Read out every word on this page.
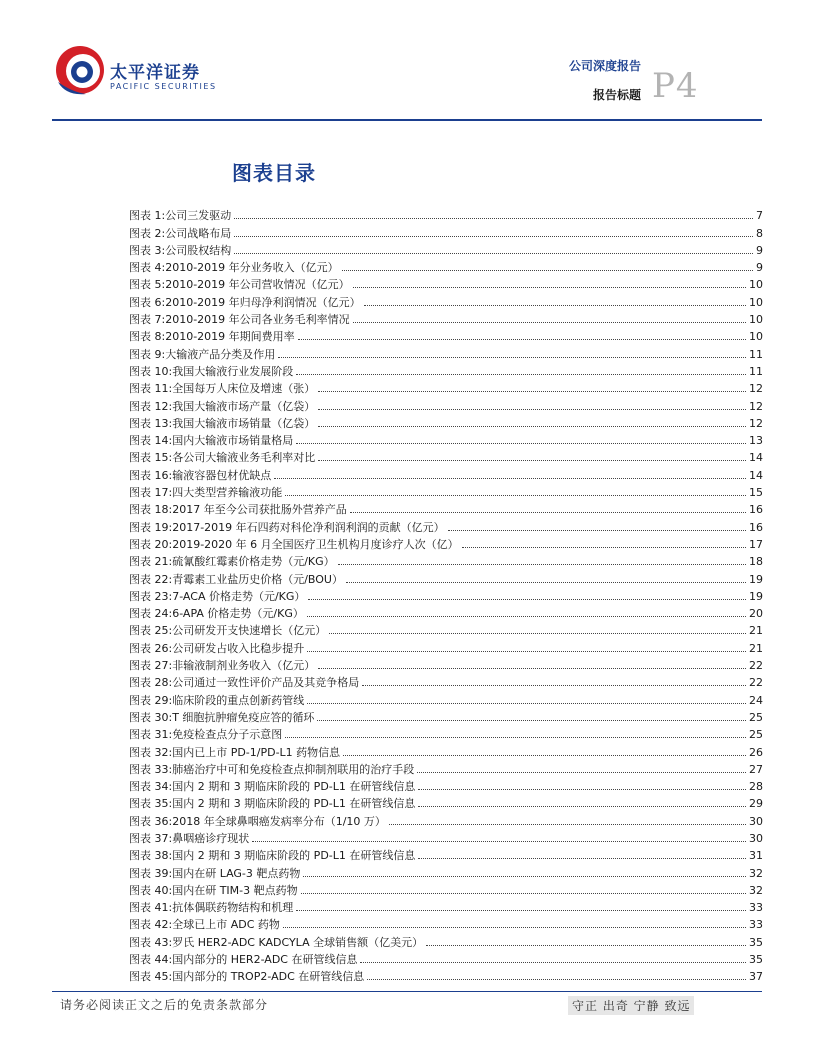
太平洋证券
PACIFIC SECURITIES
公司深度报告
报告标题 P4
图表目录
图表 1: 公司三发驱动	7
图表 2: 公司战略布局	8
图表 3: 公司股权结构	9
图表 4: 2010-2019 年分业务收入（亿元）	9
图表 5: 2010-2019 年公司营收情况（亿元）	10
图表 6: 2010-2019 年归母净利润情况（亿元）	10
图表 7: 2010-2019 年公司各业务毛利率情况	10
图表 8: 2010-2019 年期间费用率	10
图表 9: 大输液产品分类及作用	11
图表 10: 我国大输液行业发展阶段	11
图表 11: 全国每万人床位及增速（张）	12
图表 12: 我国大输液市场产量（亿袋）	12
图表 13: 我国大输液市场销量（亿袋）	12
图表 14: 国内大输液市场销量格局	13
图表 15: 各公司大输液业务毛利率对比	14
图表 16: 输液容器包材优缺点	14
图表 17: 四大类型营养输液功能	15
图表 18: 2017 年至今公司获批肠外营养产品	16
图表 19: 2017-2019 年石四药对科伦净利润利润的贡献（亿元）	16
图表 20: 2019-2020 年 6 月全国医疗卫生机构月度诊疗人次（亿）	17
图表 21: 硫氰酸红霉素价格走势（元/KG）	18
图表 22: 青霉素工业盐历史价格（元/BOU）	19
图表 23: 7-ACA 价格走势（元/KG）	19
图表 24: 6-APA 价格走势（元/KG）	20
图表 25: 公司研发开支快速增长（亿元）	21
图表 26: 公司研发占收入比稳步提升	21
图表 27: 非输液制剂业务收入（亿元）	22
图表 28: 公司通过一致性评价产品及其竞争格局	22
图表 29: 临床阶段的重点创新药管线	24
图表 30: T 细胞抗肿瘤免疫应答的循环	25
图表 31: 免疫检查点分子示意图	25
图表 32: 国内已上市 PD-1/PD-L1 药物信息	26
图表 33: 肺癌治疗中可和免疫检查点抑制剂联用的治疗手段	27
图表 34: 国内 2 期和 3 期临床阶段的 PD-L1 在研管线信息	28
图表 35: 国内 2 期和 3 期临床阶段的 PD-L1 在研管线信息	29
图表 36: 2018 年全球鼻咽癌发病率分布（1/10 万）	30
图表 37: 鼻咽癌诊疗现状	30
图表 38: 国内 2 期和 3 期临床阶段的 PD-L1 在研管线信息	31
图表 39: 国内在研 LAG-3 靶点药物	32
图表 40: 国内在研 TIM-3 靶点药物	32
图表 41: 抗体偶联药物结构和机理	33
图表 42: 全球已上市 ADC 药物	33
图表 43: 罗氏 HER2-ADC KADCYLA 全球销售额（亿美元）	35
图表 44: 国内部分的 HER2-ADC 在研管线信息	35
图表 45: 国内部分的 TROP2-ADC 在研管线信息	37
请务必阅读正文之后的免责条款部分	守正 出奇 宁静 致远
